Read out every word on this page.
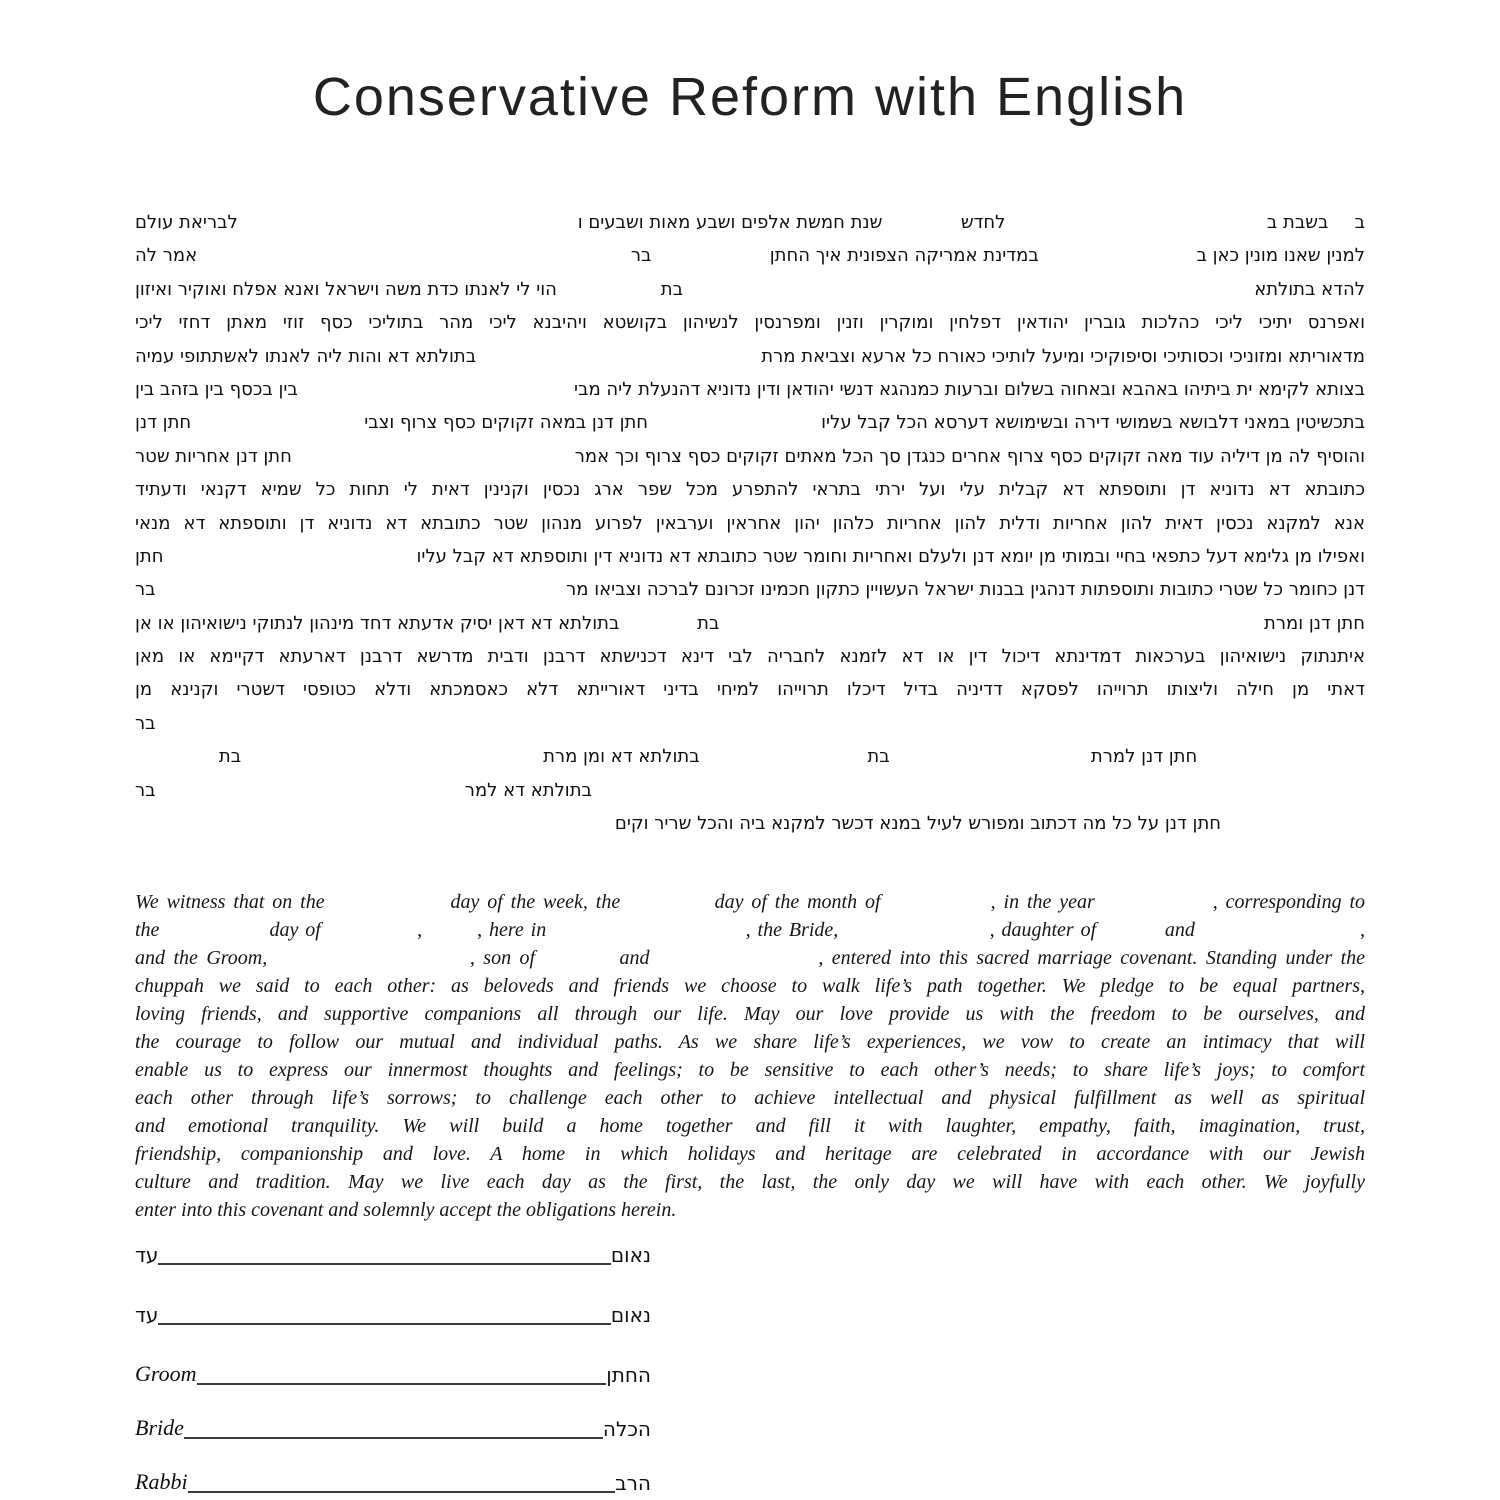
Conservative Reform with English
ב
בשבת ב
לחדש
שנת חמשת אלפים ושבע מאות ושבעים ו
לבריאת עולם
למנין שאנו מונין כאן ב
במדינת אמריקה הצפונית איך החתן
בר
אמר לה
להדא בתולתא
בת
הוי לי לאנתו כדת משה וישראל ואנא אפלח ואוקיר ואיזון
ואפרנס יתיכי ליכי כהלכות גוברין יהודאין דפלחין ומוקרין וזנין ומפרנסין לנשיהון בקושטא ויהיבנא ליכי מהר בתוליכי כסף זוזי מאתן דחזי ליכי
מדאוריתא ומזוניכי וכסותיכי וסיפוקיכי ומיעל לותיכי כאורח כל ארעא וצביאת מרת
בתולתא דא והות ליה לאנתו לאשתתופי עמיה
בצותא לקימא ית ביתיהו באהבא ובאחוה בשלום וברעות כמנהגא דנשי יהודאן ודין נדוניא דהנעלת ליה מבי
בין בכסף בין בזהב בין
בתכשיטין במאני דלבושא בשמושי דירה ובשימושא דערסא הכל קבל עליו
חתן דנן במאה זקוקים כסף צרוף וצבי
חתן דנן
והוסיף לה מן דיליה עוד מאה זקוקים כסף צרוף אחרים כנגדן סך הכל מאתים זקוקים כסף צרוף וכך אמר
חתן דנן אחריות שטר
כתובתא דא נדוניא דן ותוספתא דא קבלית עלי ועל ירתי בתראי להתפרע מכל שפר ארג נכסין וקנינין דאית לי תחות כל שמיא דקנאי ודעתיד
אנא למקנא נכסין דאית להון אחריות ודלית להון אחריות כלהון יהון אחראין וערבאין לפרוע מנהון שטר כתובתא דא נדוניא דן ותוספתא דא מנאי
ואפילו מן גלימא דעל כתפאי בחיי ובמותי מן יומא דנן ולעלם ואחריות וחומר שטר כתובתא דא נדוניא דין ותוספתא דא קבל עליו
חתן
דנן כחומר כל שטרי כתובות ותוספתות דנהגין בבנות ישראל העשויין כתקון חכמינו זכרונם לברכה וצביאו מר
בר
חתן דנן ומרת
בת
בתולתא דא דאן יסיק אדעתא דחד מינהון לנתוקי נישואיהון או אן
איתנתוק נישואיהון בערכאות דמדינתא דיכול דין או דא לזמנא לחבריה לבי דינא דכנישתא דרבנן ודבית מדרשא דרבנן דארעתא דקיימא או מאן
דאתי מן חילה וליצותו תרוייהו לפסקא דדיניה בדיל דיכלו תרוייהו למיחי בדיני דאורייתא דלא כאסמכתא ודלא כטופסי דשטרי וקנינא מן
בר
חתן דנן למרת
בת
בתולתא דא ומן מרת
בת
בתולתא דא למר
בר
חתן דנן על כל מה דכתוב ומפורש לעיל במנא דכשר למקנא ביה והכל שריר וקים
We witness that on the                day of the week, the            day of the month of              , in the year               , corresponding to
the                day of              ,        , here in                             , the Bride,                      , daughter of          and                        ,
and the Groom,                        , son of          and                    , entered into this sacred marriage covenant. Standing under the
chuppah we said to each other: as beloveds and friends we choose to walk life’s path together. We pledge to be equal partners,
loving friends, and supportive companions all through our life. May our love provide us with the freedom to be ourselves, and
the courage to follow our mutual and individual paths. As we share life’s experiences, we vow to create an intimacy that will
enable us to express our innermost thoughts and feelings; to be sensitive to each other’s needs; to share life’s joys; to comfort
each other through life’s sorrows; to challenge each other to achieve intellectual and physical fulfillment as well as spiritual
and emotional tranquility. We will build a home together and fill it with laughter, empathy, faith, imagination, trust,
friendship, companionship and love. A home in which holidays and heritage are celebrated in accordance with our Jewish
culture and tradition. May we live each day as the first, the last, the only day we will have with each other. We joyfully
enter into this covenant and solemnly accept the obligations herein.
נאום
עד
נאום
עד
החתן
Groom
הכלה
Bride
הרב
Rabbi
